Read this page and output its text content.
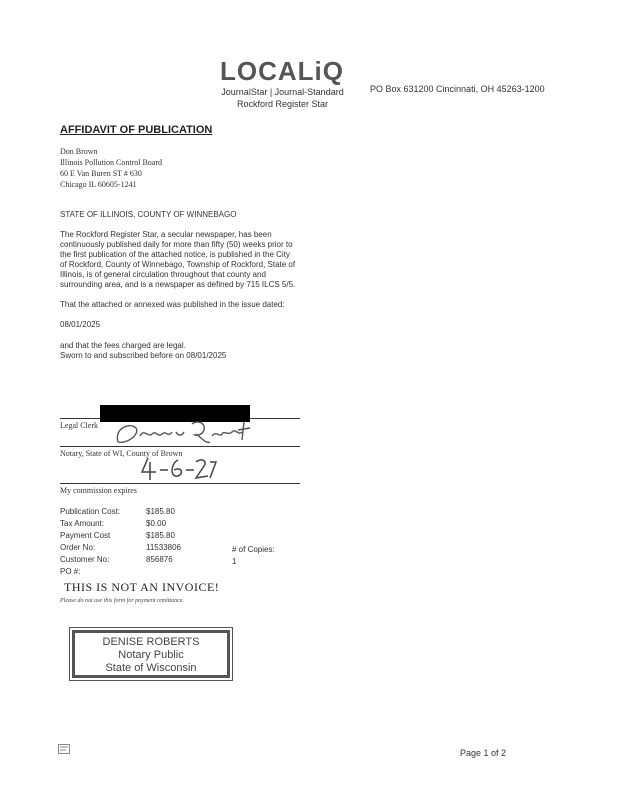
LOCALiQ
JournalStar | Journal-Standard
Rockford Register Star
PO Box 631200 Cincinnati, OH 45263-1200
AFFIDAVIT OF PUBLICATION
Don Brown
Illinois Pollution Control Board
60 E Van Buren ST # 630
Chicago IL 60605-1241
STATE OF ILLINOIS, COUNTY OF WINNEBAGO
The Rockford Register Star, a secular newspaper, has been
continuously published daily for more than fifty (50) weeks prior to
the first publication of the attached notice, is published in the City
of Rockford, County of Winnebago, Township of Rockford, State of
Illinois, is of general circulation throughout that county and
surrounding area, and is a newspaper as defined by 715 ILCS 5/5.
That the attached or annexed was published in the issue dated:
08/01/2025
and that the fees charged are legal.
Sworn to and subscribed before on 08/01/2025
Legal Clerk
Notary, State of WI, County of Brown
My commission expires
Publication Cost:	$185.80
Tax Amount:	$0.00
Payment Cost	$185.80
Order No:	11533806
Customer No:	856876
PO #:
# of Copies:
1
THIS IS NOT AN INVOICE!
Please do not use this form for payment remittance.
DENISE ROBERTS
Notary Public
State of Wisconsin
Page 1 of 2
